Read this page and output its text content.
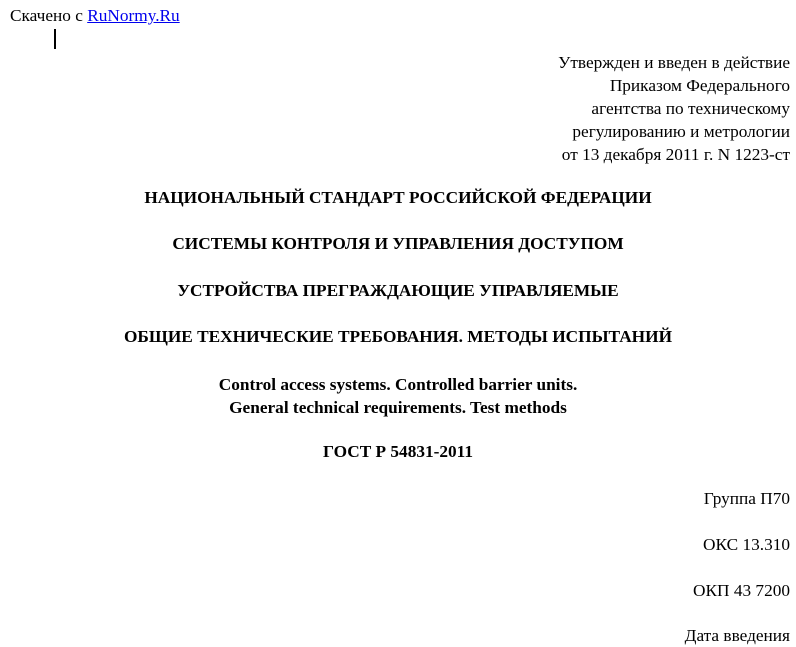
Скачено с RuNormy.Ru
Утвержден и введен в действие
Приказом Федерального
агентства по техническому
регулированию и метрологии
от 13 декабря 2011 г. N 1223-ст
НАЦИОНАЛЬНЫЙ СТАНДАРТ РОССИЙСКОЙ ФЕДЕРАЦИИ
СИСТЕМЫ КОНТРОЛЯ И УПРАВЛЕНИЯ ДОСТУПОМ
УСТРОЙСТВА ПРЕГРАЖДАЮЩИЕ УПРАВЛЯЕМЫЕ
ОБЩИЕ ТЕХНИЧЕСКИЕ ТРЕБОВАНИЯ. МЕТОДЫ ИСПЫТАНИЙ
Control access systems. Controlled barrier units.
General technical requirements. Test methods
ГОСТ Р 54831-2011
Группа П70
ОКС 13.310
ОКП 43 7200
Дата введения
